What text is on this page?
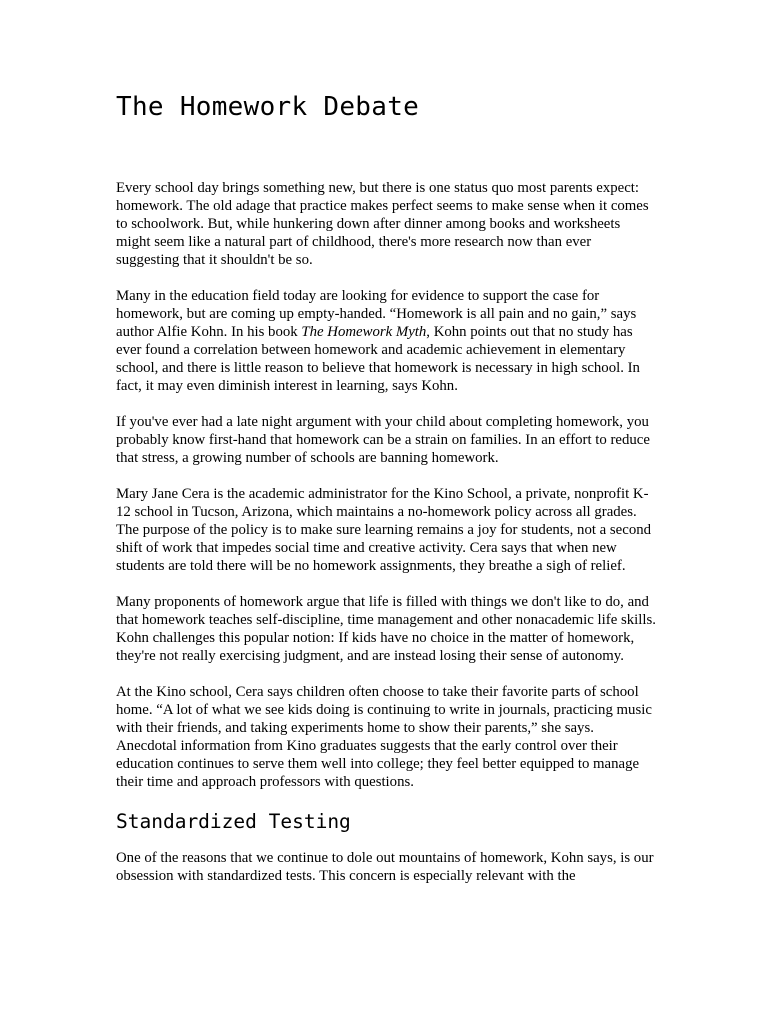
The Homework Debate

Every school day brings something new, but there is one status quo most parents expect: homework. The old adage that practice makes perfect seems to make sense when it comes to schoolwork. But, while hunkering down after dinner among books and worksheets might seem like a natural part of childhood, there's more research now than ever suggesting that it shouldn't be so.

Many in the education field today are looking for evidence to support the case for homework, but are coming up empty-handed. “Homework is all pain and no gain,” says author Alfie Kohn. In his book The Homework Myth, Kohn points out that no study has ever found a correlation between homework and academic achievement in elementary school, and there is little reason to believe that homework is necessary in high school. In fact, it may even diminish interest in learning, says Kohn.

If you've ever had a late night argument with your child about completing homework, you probably know first-hand that homework can be a strain on families. In an effort to reduce that stress, a growing number of schools are banning homework.

Mary Jane Cera is the academic administrator for the Kino School, a private, nonprofit K-12 school in Tucson, Arizona, which maintains a no-homework policy across all grades. The purpose of the policy is to make sure learning remains a joy for students, not a second shift of work that impedes social time and creative activity. Cera says that when new students are told there will be no homework assignments, they breathe a sigh of relief.

Many proponents of homework argue that life is filled with things we don't like to do, and that homework teaches self-discipline, time management and other nonacademic life skills. Kohn challenges this popular notion: If kids have no choice in the matter of homework, they're not really exercising judgment, and are instead losing their sense of autonomy.

At the Kino school, Cera says children often choose to take their favorite parts of school home. “A lot of what we see kids doing is continuing to write in journals, practicing music with their friends, and taking experiments home to show their parents,” she says. Anecdotal information from Kino graduates suggests that the early control over their education continues to serve them well into college; they feel better equipped to manage their time and approach professors with questions.

Standardized Testing

One of the reasons that we continue to dole out mountains of homework, Kohn says, is our obsession with standardized tests. This concern is especially relevant with the
